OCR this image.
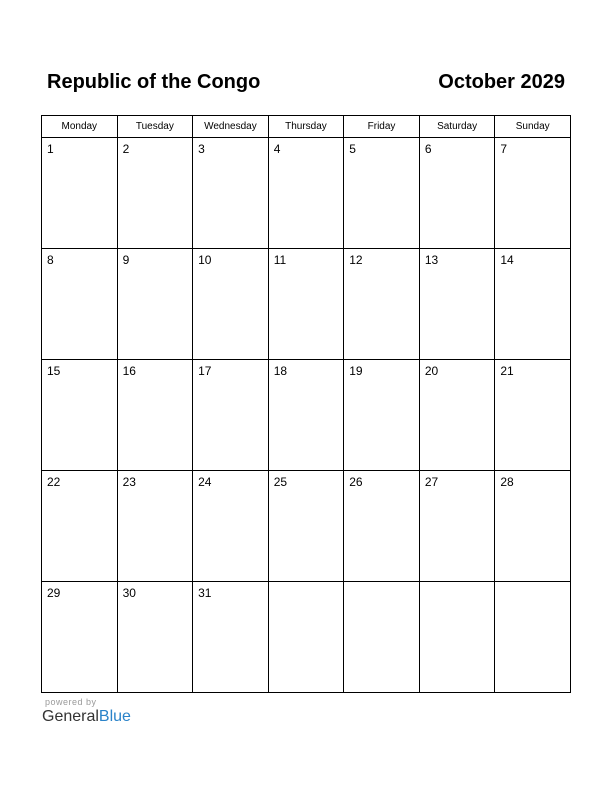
Republic of the Congo	October 2029
Monday	Tuesday	Wednesday	Thursday	Friday	Saturday	Sunday

1	2	3	4	5	6	7

8	9	10	11	12	13	14

15	16	17	18	19	20	21

22	23	24	25	26	27	28

29	30	31				

powered by
GeneralBlue
